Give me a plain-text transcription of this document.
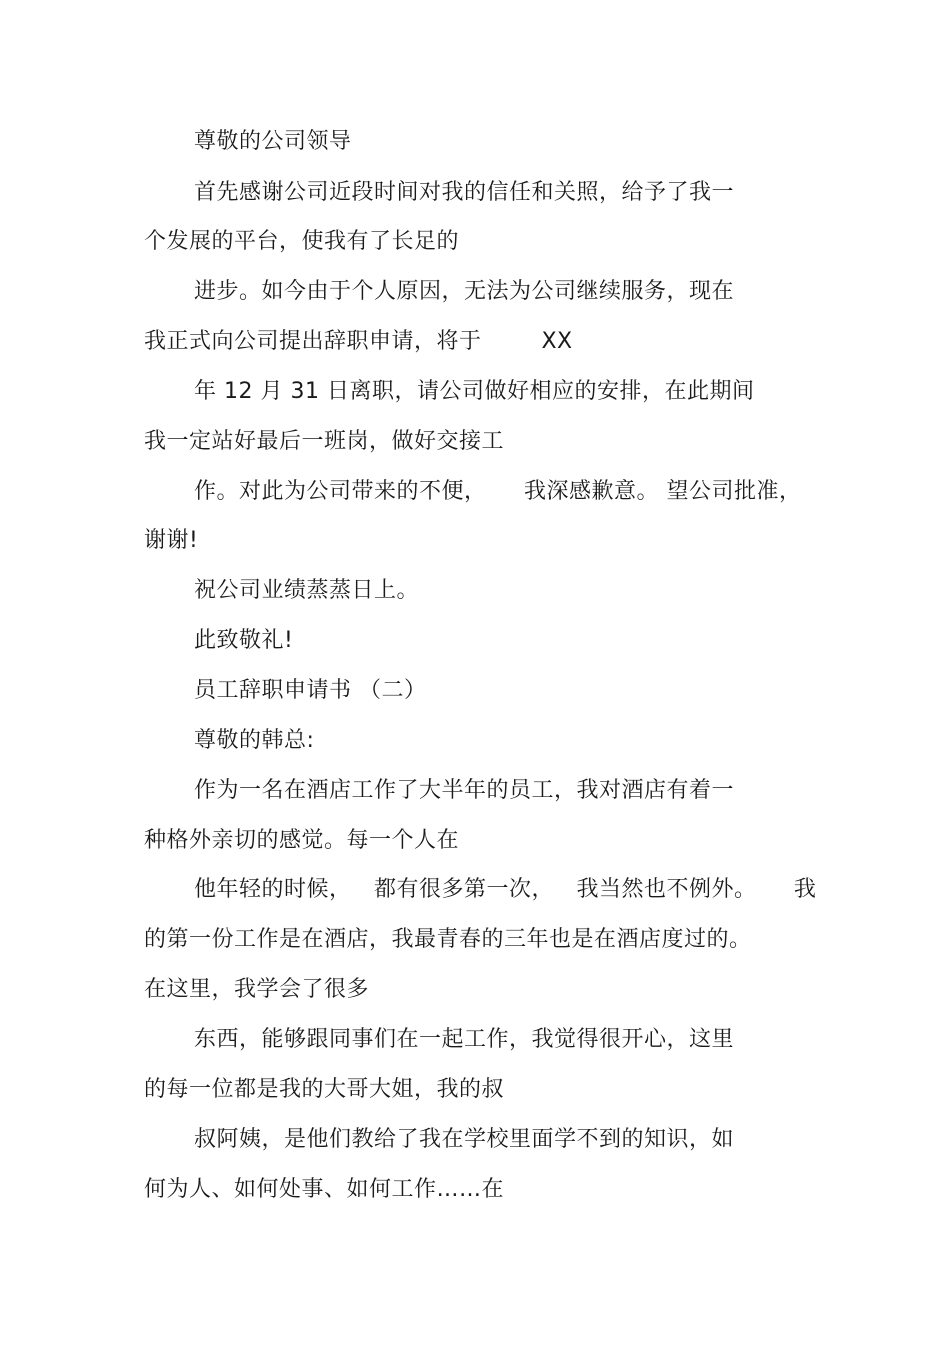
尊敬的公司领导
首先感谢公司近段时间对我的信任和关照，给予了我一
个发展的平台，使我有了长足的
进步。如今由于个人原因，无法为公司继续服务，现在
我正式向公司提出辞职申请，将于        XX
年 12 月 31 日离职，请公司做好相应的安排，在此期间
我一定站好最后一班岗，做好交接工
作。对此为公司带来的不便，     我深感歉意。 望公司批准，
谢谢!
祝公司业绩蒸蒸日上。
此致敬礼!
员工辞职申请书 （二）
尊敬的韩总:
作为一名在酒店工作了大半年的员工，我对酒店有着一
种格外亲切的感觉。每一个人在
他年轻的时候，   都有很多第一次，   我当然也不例外。     我
的第一份工作是在酒店，我最青春的三年也是在酒店度过的。
在这里，我学会了很多
东西，能够跟同事们在一起工作，我觉得很开心，这里
的每一位都是我的大哥大姐，我的叔
叔阿姨，是他们教给了我在学校里面学不到的知识，如
何为人、如何处事、如何工作……在
